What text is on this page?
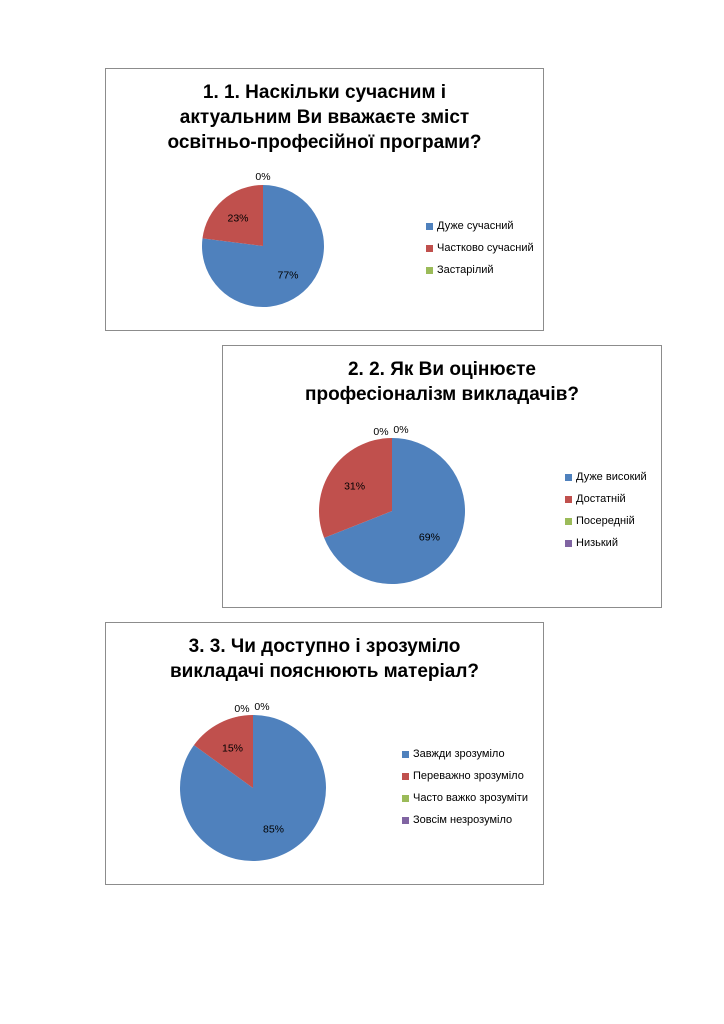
1. 1. Наскільки сучасним і
актуальним Ви вважаєте зміст
освітньо-професійної програми?
77%
23%
0%
Дуже сучасний
Частково сучасний
Застарілий
2. 2. Як Ви оцінюєте
професіоналізм викладачів?
69%
31%
0% 0%
Дуже високий
Достатній
Посередній
Низький
3. 3. Чи доступно і зрозуміло
викладачі пояснюють матеріал?
85%
15%
0% 0%
Завжди зрозуміло
Переважно зрозуміло
Часто важко зрозуміти
Зовсім незрозуміло
